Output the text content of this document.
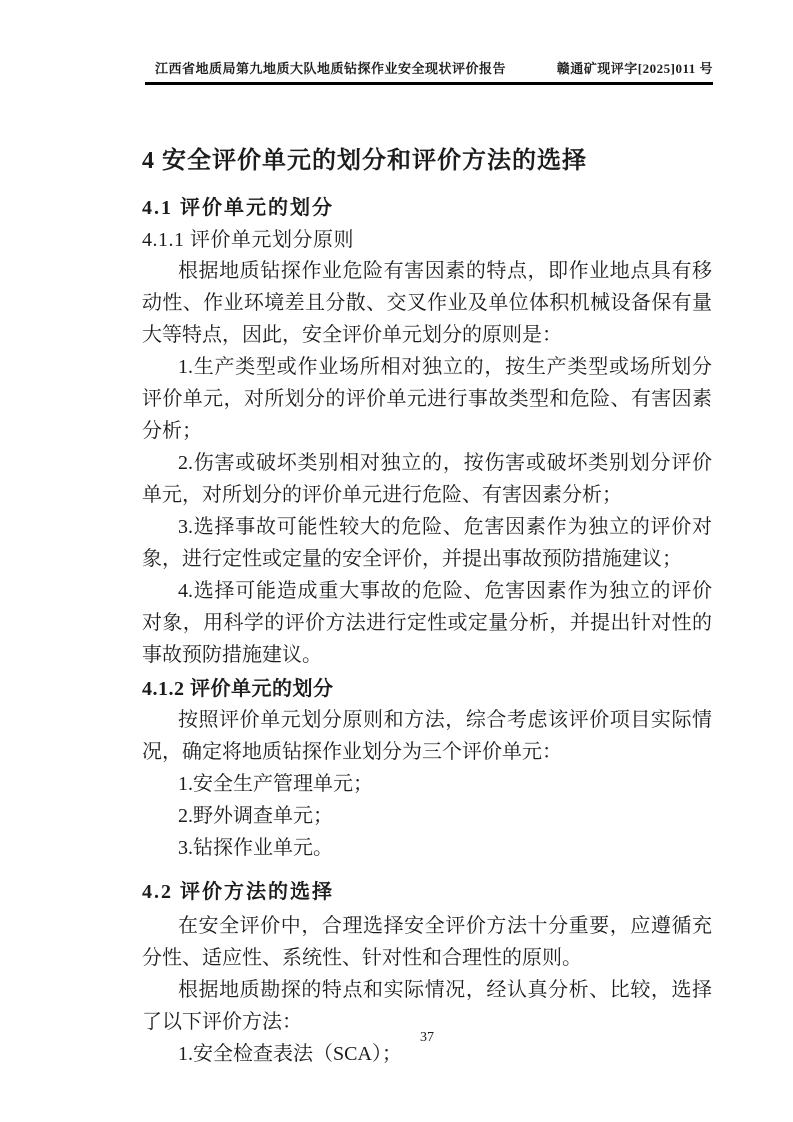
江西省地质局第九地质大队地质钻探作业安全现状评价报告	赣通矿现评字[2025]011 号
4 安全评价单元的划分和评价方法的选择
4.1 评价单元的划分
4.1.1 评价单元划分原则

根据地质钻探作业危险有害因素的特点，即作业地点具有移动性、作业环境差且分散、交叉作业及单位体积机械设备保有量大等特点，因此，安全评价单元划分的原则是：

1.生产类型或作业场所相对独立的，按生产类型或场所划分评价单元，对所划分的评价单元进行事故类型和危险、有害因素分析；

2.伤害或破坏类别相对独立的，按伤害或破坏类别划分评价单元，对所划分的评价单元进行危险、有害因素分析；

3.选择事故可能性较大的危险、危害因素作为独立的评价对象，进行定性或定量的安全评价，并提出事故预防措施建议；

4.选择可能造成重大事故的危险、危害因素作为独立的评价对象，用科学的评价方法进行定性或定量分析，并提出针对性的事故预防措施建议。

4.1.2 评价单元的划分

按照评价单元划分原则和方法，综合考虑该评价项目实际情况，确定将地质钻探作业划分为三个评价单元：

1.安全生产管理单元；

2.野外调查单元；

3.钻探作业单元。

4.2 评价方法的选择

在安全评价中，合理选择安全评价方法十分重要，应遵循充分性、适应性、系统性、针对性和合理性的原则。

根据地质勘探的特点和实际情况，经认真分析、比较，选择了以下评价方法：

1.安全检查表法（SCA）；

37
